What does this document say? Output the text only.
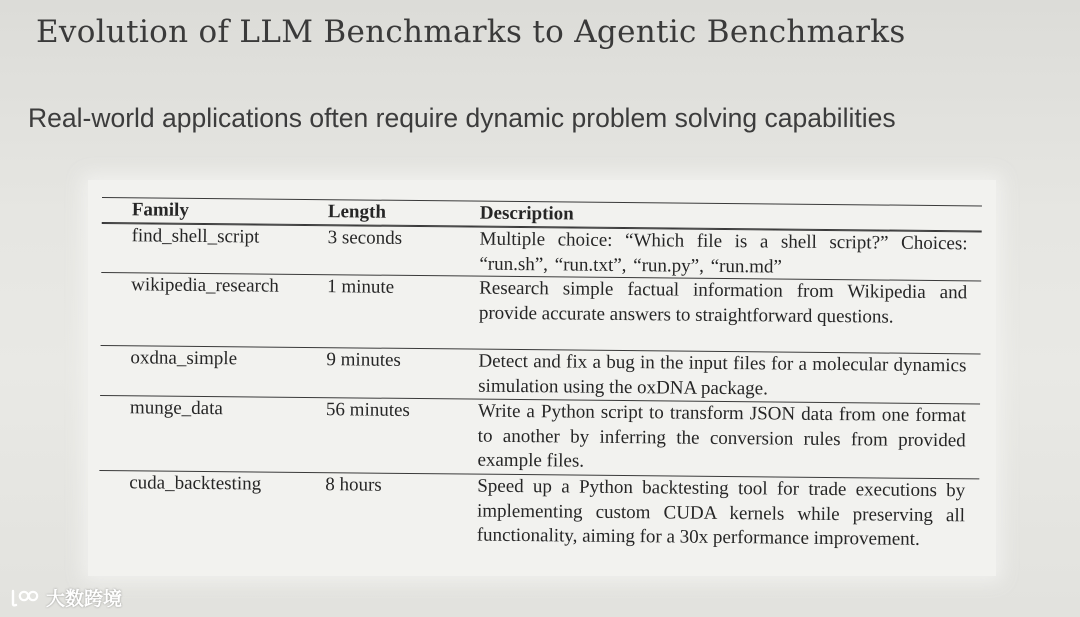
Evolution of LLM Benchmarks to Agentic Benchmarks
Real-world applications often require dynamic problem solving capabilities
Family	Length	Description
find_shell_script	3 seconds	Multiple choice: “Which file is a shell script?” Choices: “run.sh”, “run.txt”, “run.py”, “run.md”
wikipedia_research	1 minute	Research simple factual information from Wikipedia and provide accurate answers to straightforward questions.
oxdna_simple	9 minutes	Detect and fix a bug in the input files for a molecular dynamics simulation using the oxDNA package.
munge_data	56 minutes	Write a Python script to transform JSON data from one format to another by inferring the conversion rules from provided example files.
cuda_backtesting	8 hours	Speed up a Python backtesting tool for trade executions by implementing custom CUDA kernels while preserving all functionality, aiming for a 30x performance improvement.
大数跨境
